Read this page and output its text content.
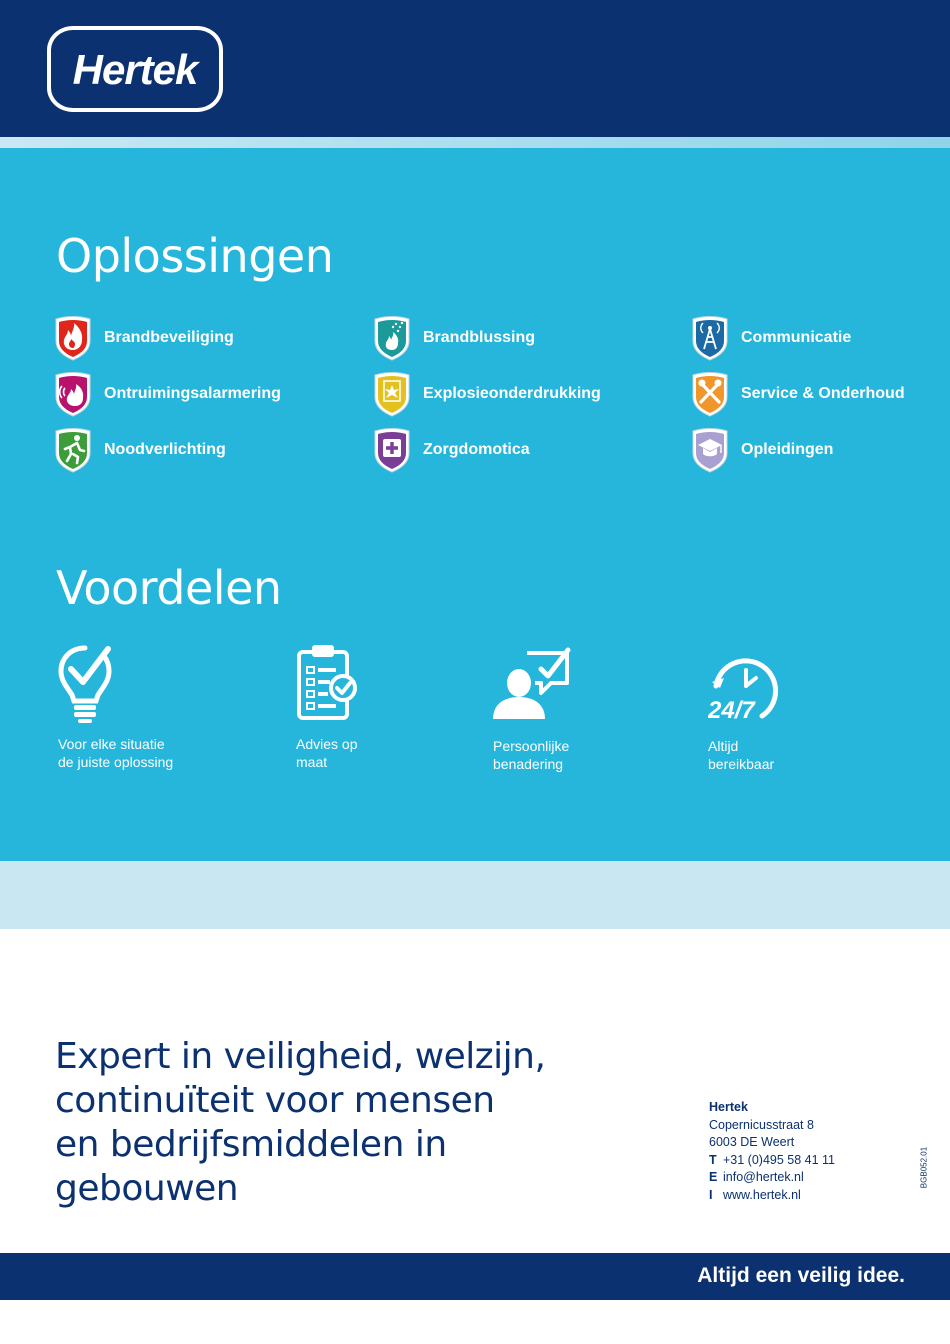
Hertek
Oplossingen
Brandbeveiliging
Ontruimingsalarmering
Noodverlichting
Brandblussing
Explosieonderdrukking
Zorgdomotica
Communicatie
Service & Onderhoud
Opleidingen
Voordelen
Voor elke situatie
de juiste oplossing
Advies op
maat
Persoonlijke
benadering
24/7
Altijd
bereikbaar
Expert in veiligheid, welzijn,
continuïteit voor mensen
en bedrijfsmiddelen in
gebouwen
Hertek
Copernicusstraat 8
6003 DE Weert
T +31 (0)495 58 41 11
E info@hertek.nl
I www.hertek.nl
BGB052.01
Altijd een veilig idee.
